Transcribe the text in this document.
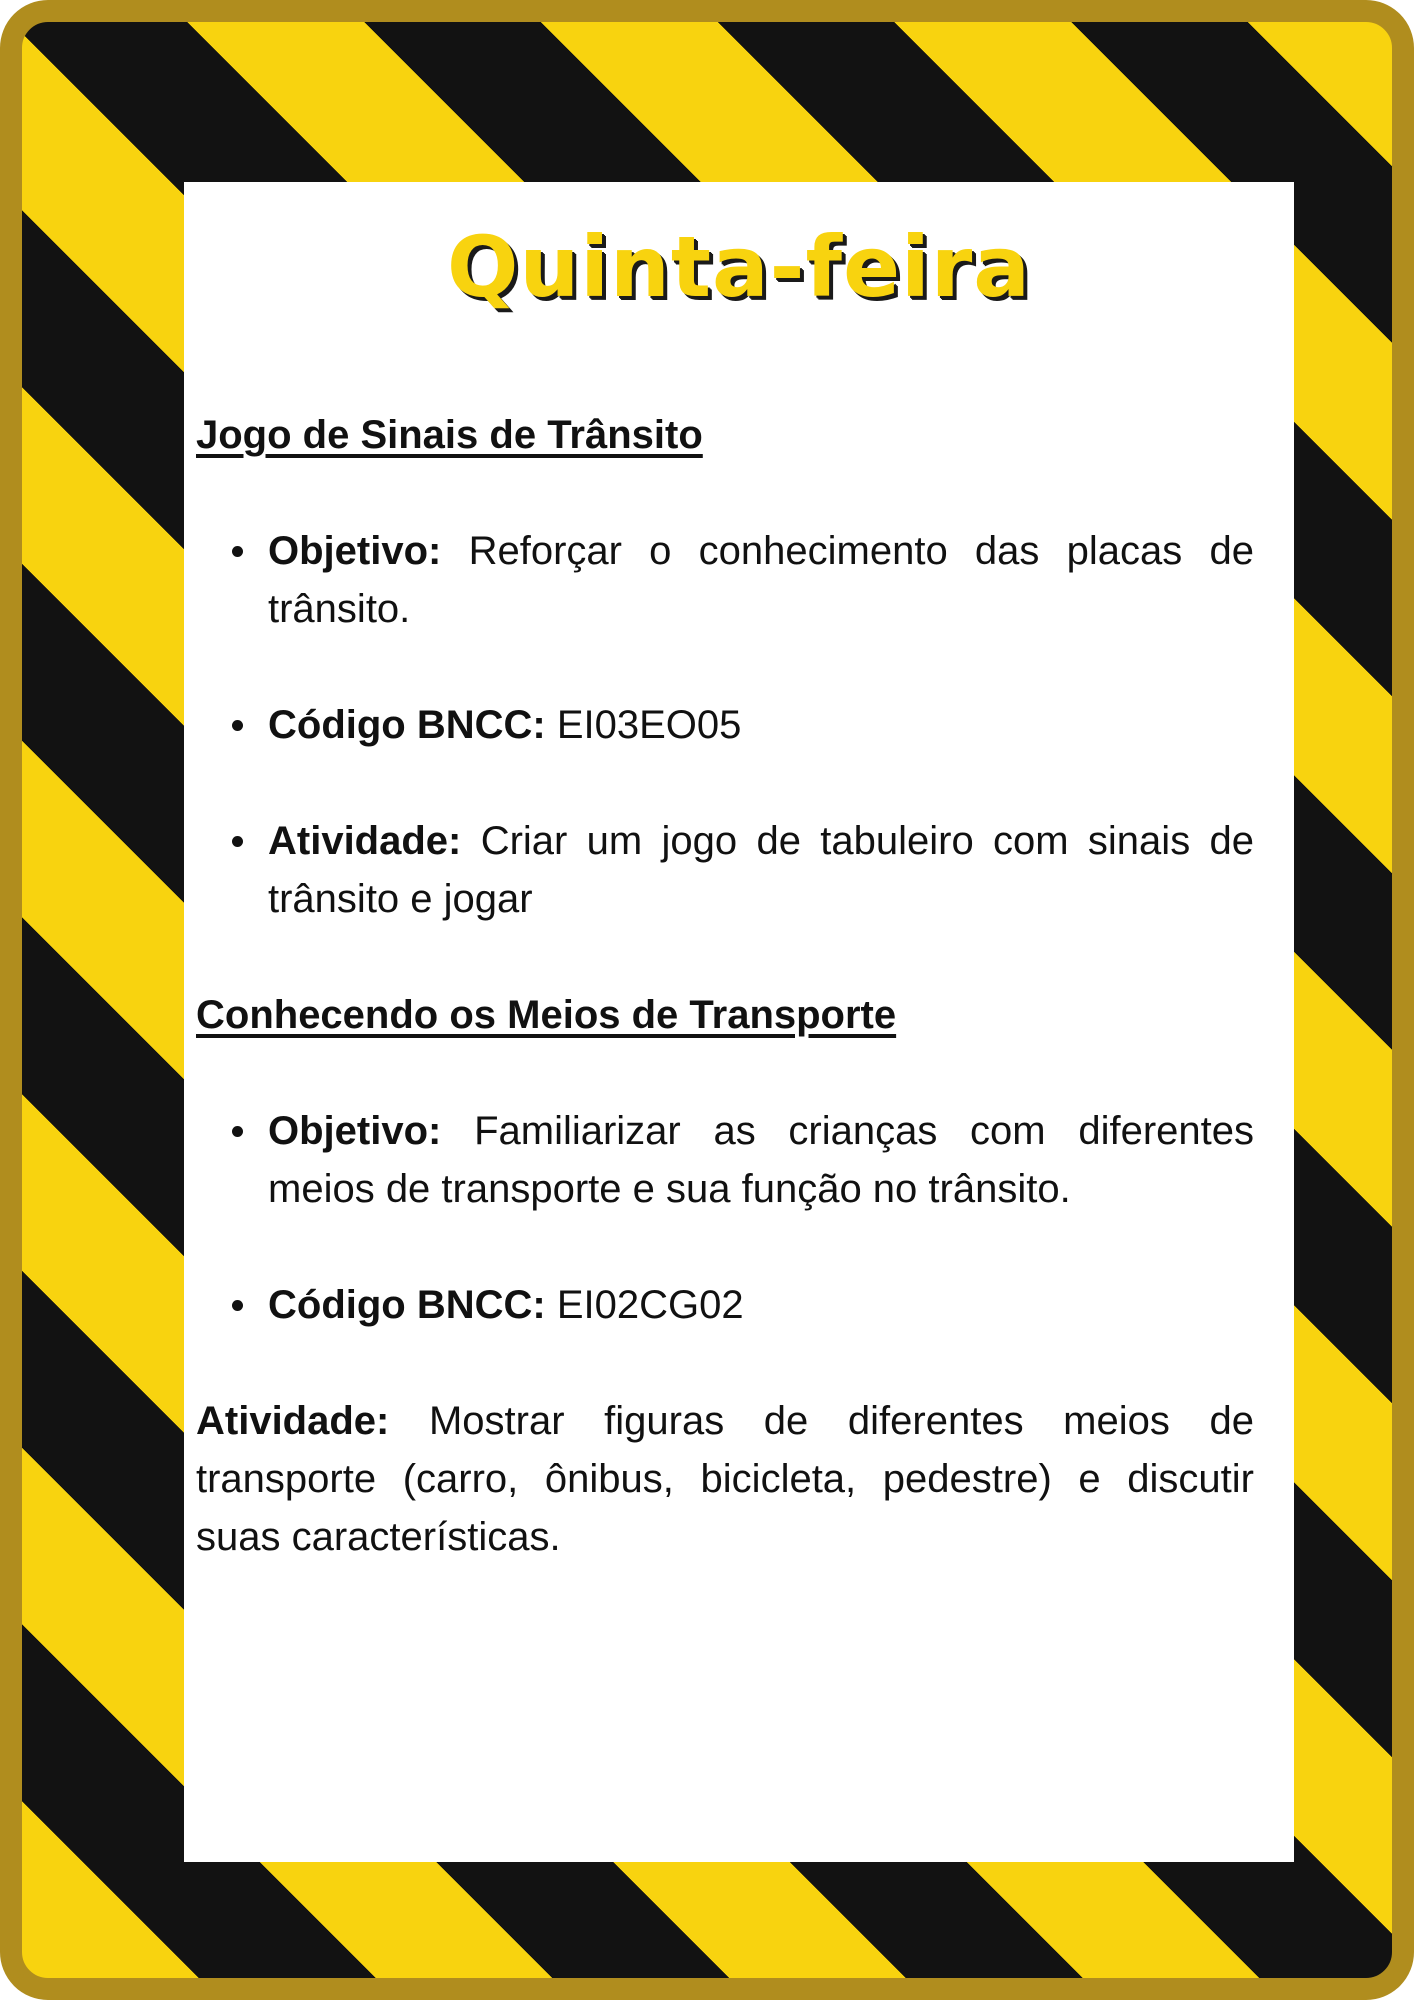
Quinta-feira

Jogo de Sinais de Trânsito

Objetivo: Reforçar o conhecimento das placas de trânsito.
Código BNCC: EI03EO05
Atividade: Criar um jogo de tabuleiro com sinais de trânsito e jogar

Conhecendo os Meios de Transporte

Objetivo: Familiarizar as crianças com diferentes meios de transporte e sua função no trânsito.
Código BNCC: EI02CG02

Atividade: Mostrar figuras de diferentes meios de transporte (carro, ônibus, bicicleta, pedestre) e discutir suas características.
